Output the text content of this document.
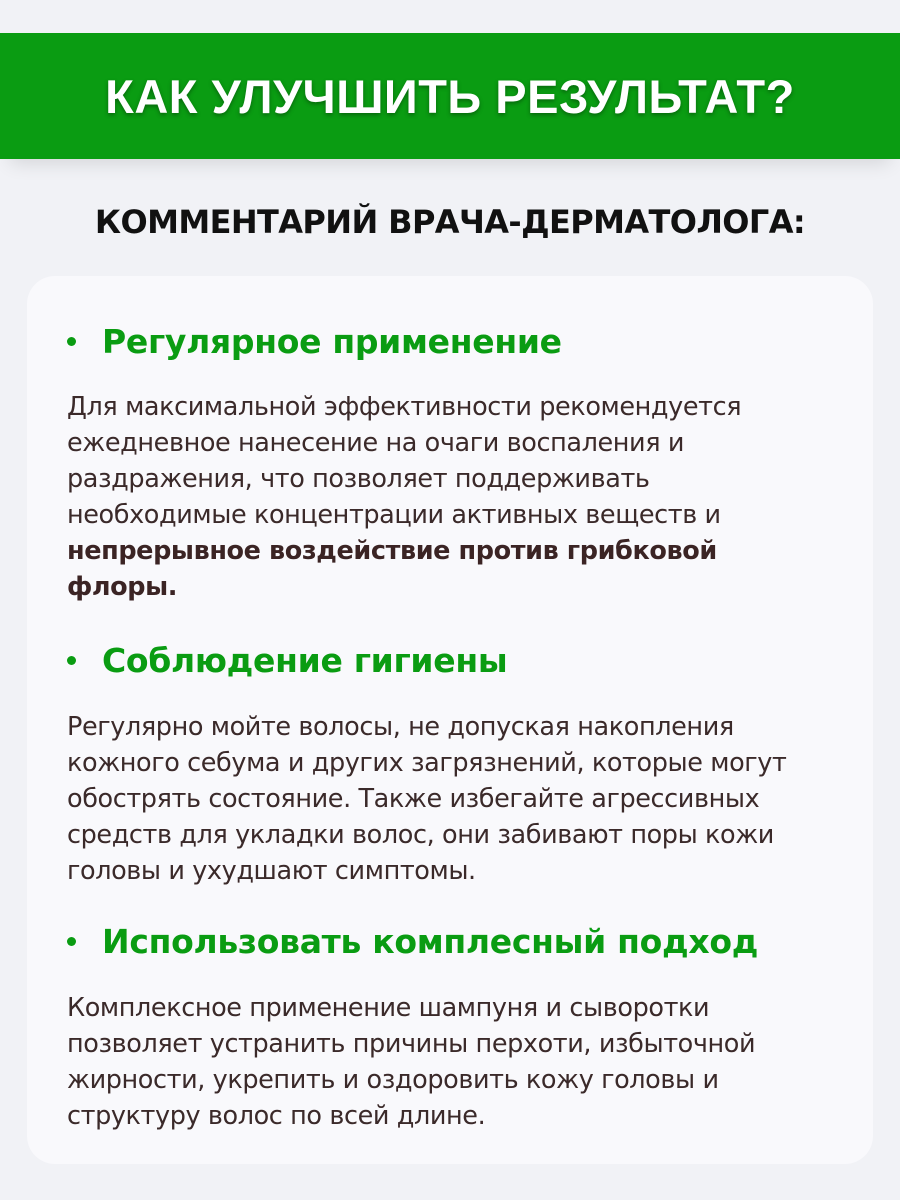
КАК УЛУЧШИТЬ РЕЗУЛЬТАТ?
КОММЕНТАРИЙ ВРАЧА-ДЕРМАТОЛОГА:
Регулярное применение

Для максимальной эффективности рекомендуется
ежедневное нанесение на очаги воспаления и
раздражения, что позволяет поддерживать
необходимые концентрации активных веществ и
непрерывное воздействие против грибковой
флоры.

Соблюдение гигиены

Регулярно мойте волосы, не допуская накопления
кожного себума и других загрязнений, которые могут
обострять состояние. Также избегайте агрессивных
средств для укладки волос, они забивают поры кожи
головы и ухудшают симптомы.

Использовать комплесный подход

Комплексное применение шампуня и сыворотки
позволяет устранить причины перхоти, избыточной
жирности, укрепить и оздоровить кожу головы и
структуру волос по всей длине.
